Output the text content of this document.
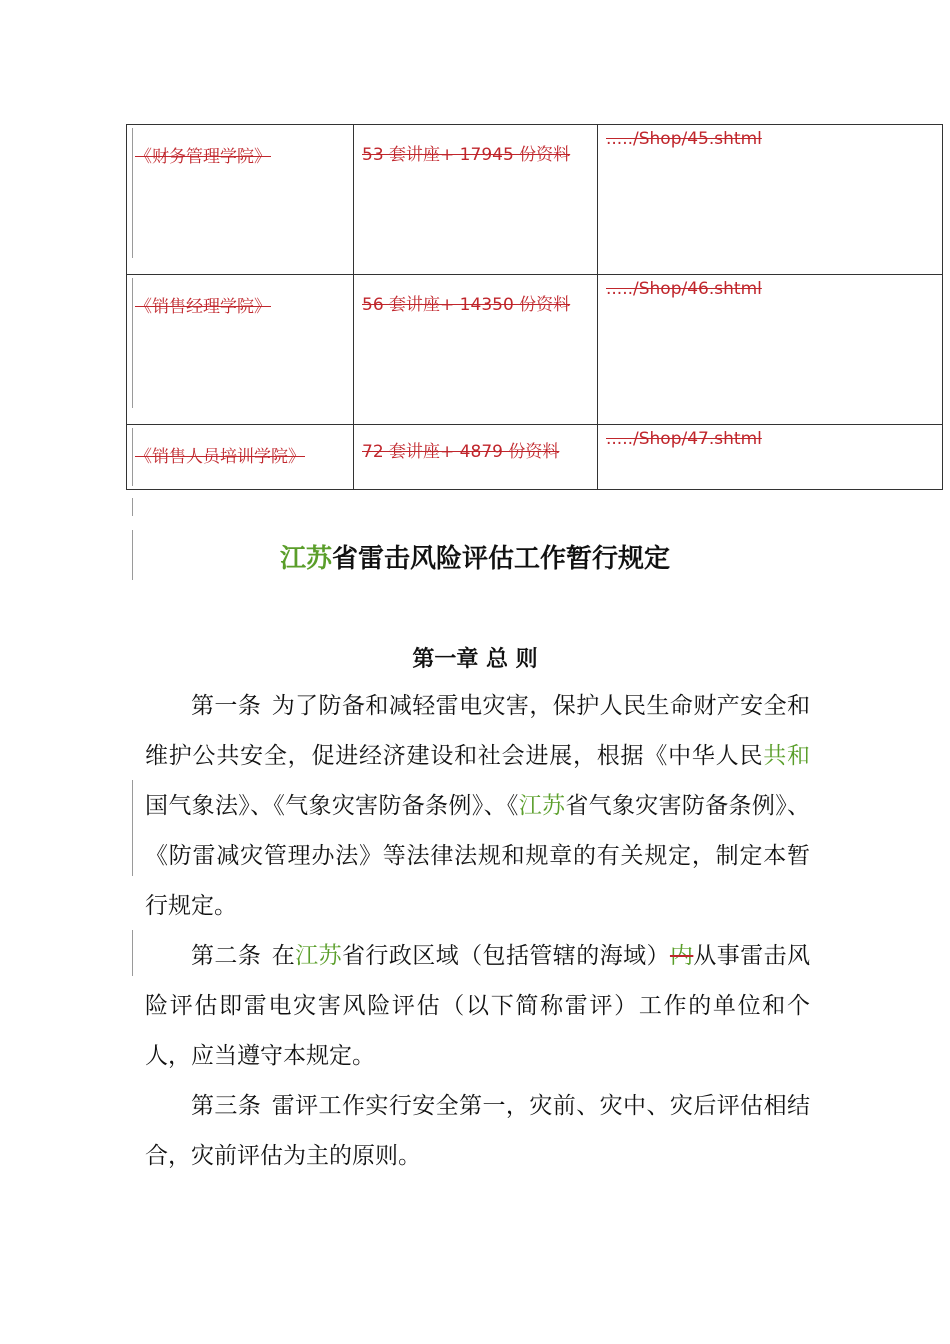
《财务管理学院》	53 套讲座+ 17945 份资料	...../Shop/45.shtml

《销售经理学院》	56 套讲座+ 14350 份资料	...../Shop/46.shtml

《销售人员培训学院》	72 套讲座+ 4879 份资料	...../Shop/47.shtml
江苏省雷击风险评估工作暂行规定
第一章 总 则

第一条 为了防备和减轻雷电灾害，保护人民生命财产安全和维护公共安全，促进经济建设和社会进展，根据《中华人民共和国气象法》、《气象灾害防备条例》、《江苏省气象灾害防备条例》、《防雷减灾管理办法》等法律法规和规章的有关规定，制定本暂行规定。

第二条 在江苏省行政区域（包括管辖的海域）内从事雷击风险评估即雷电灾害风险评估（以下简称雷评）工作的单位和个人，应当遵守本规定。

第三条 雷评工作实行安全第一，灾前、灾中、灾后评估相结合，灾前评估为主的原则。
